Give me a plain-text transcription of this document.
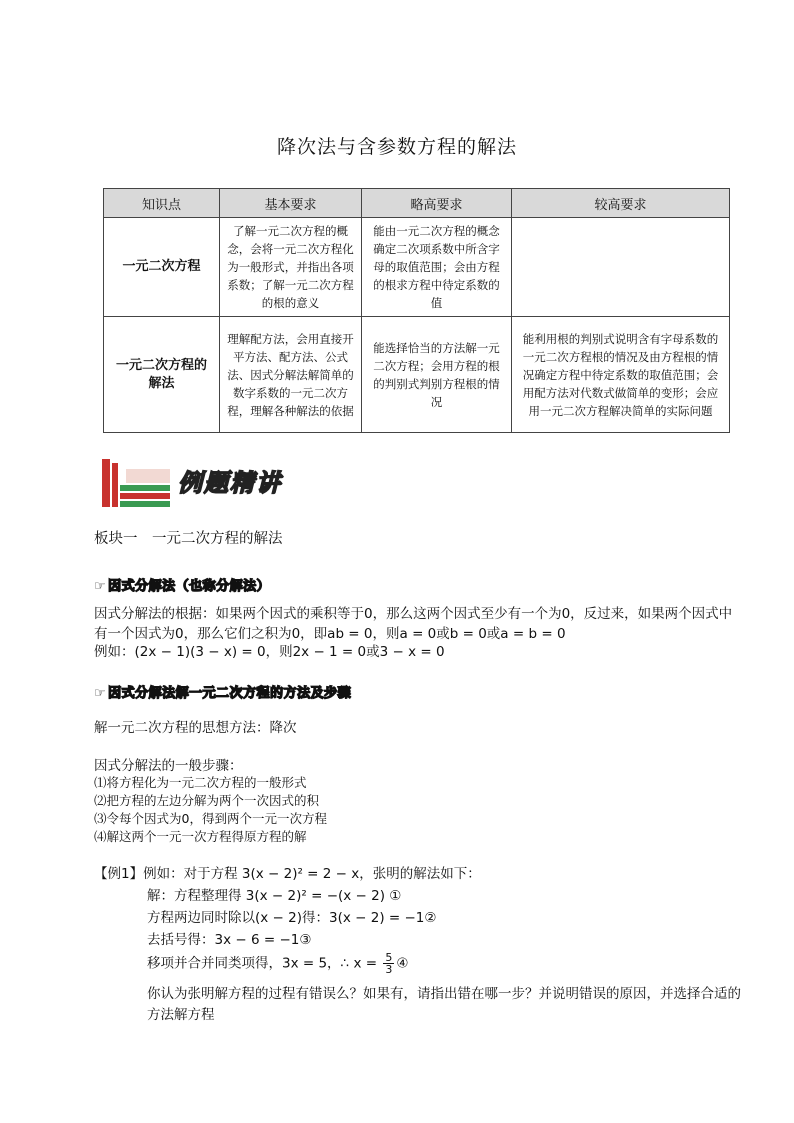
降次法与含参数方程的解法
知识点	基本要求	略高要求	较高要求
一元二次方程	了解一元二次方程的概念，会将一元二次方程化为一般形式，并指出各项系数；了解一元二次方程的根的意义	能由一元二次方程的概念确定二次项系数中所含字母的取值范围；会由方程的根求方程中待定系数的值	
一元二次方程的解法	理解配方法，会用直接开平方法、配方法、公式法、因式分解法解简单的数字系数的一元二次方程，理解各种解法的依据	能选择恰当的方法解一元二次方程；会用方程的根的判别式判别方程根的情况	能利用根的判别式说明含有字母系数的一元二次方程根的情况及由方程根的情况确定方程中待定系数的取值范围；会用配方法对代数式做简单的变形；会应用一元二次方程解决简单的实际问题
例题精讲
板块一　一元二次方程的解法
☞ 因式分解法（也称分解法）
因式分解法的根据：如果两个因式的乘积等于0，那么这两个因式至少有一个为0，反过来，如果两个因式中有一个因式为0，那么它们之积为0，即ab = 0，则a = 0或b = 0或a = b = 0
例如：(2x − 1)(3 − x) = 0，则2x − 1 = 0或3 − x = 0
☞ 因式分解法解一元二次方程的方法及步骤
解一元二次方程的思想方法：降次
因式分解法的一般步骤：
⑴将方程化为一元二次方程的一般形式
⑵把方程的左边分解为两个一次因式的积
⑶令每个因式为0，得到两个一元一次方程
⑷解这两个一元一次方程得原方程的解
【例1】例如：对于方程 3(x − 2)² = 2 − x，张明的解法如下：
解：方程整理得 3(x − 2)² = −(x − 2) ①
方程两边同时除以(x − 2)得：3(x − 2) = −1②
去括号得：3x − 6 = −1③
移项并合并同类项得，3x = 5，∴ $x = \frac{5}{3}$ ④
你认为张明解方程的过程有错误么？如果有，请指出错在哪一步？并说明错误的原因，并选择合适的方法解方程
